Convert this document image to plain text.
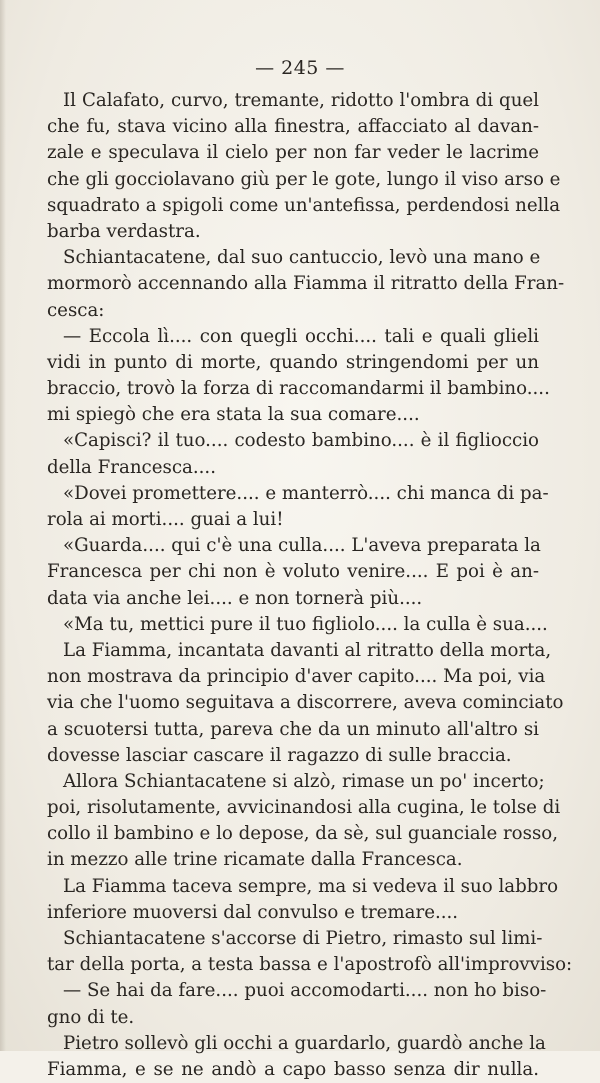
— 245 —
Il Calafato, curvo, tremante, ridotto l'ombra di quel
che fu, stava vicino alla finestra, affacciato al davan-
zale e speculava il cielo per non far veder le lacrime
che gli gocciolavano giù per le gote, lungo il viso arso e
squadrato a spigoli come un'antefissa, perdendosi nella
barba verdastra.
Schiantacatene, dal suo cantuccio, levò una mano e
mormorò accennando alla Fiamma il ritratto della Fran-
cesca:
— Eccola lì.... con quegli occhi.... tali e quali glieli
vidi in punto di morte, quando stringendomi per un
braccio, trovò la forza di raccomandarmi il bambino....
mi spiegò che era stata la sua comare....
«Capisci? il tuo.... codesto bambino.... è il figlioccio
della Francesca....
«Dovei promettere.... e manterrò.... chi manca di pa-
rola ai morti.... guai a lui!
«Guarda.... qui c'è una culla.... L'aveva preparata la
Francesca per chi non è voluto venire.... E poi è an-
data via anche lei.... e non tornerà più....
«Ma tu, mettici pure il tuo figliolo.... la culla è sua....
La Fiamma, incantata davanti al ritratto della morta,
non mostrava da principio d'aver capito.... Ma poi, via
via che l'uomo seguitava a discorrere, aveva cominciato
a scuotersi tutta, pareva che da un minuto all'altro si
dovesse lasciar cascare il ragazzo di sulle braccia.
Allora Schiantacatene si alzò, rimase un po' incerto;
poi, risolutamente, avvicinandosi alla cugina, le tolse di
collo il bambino e lo depose, da sè, sul guanciale rosso,
in mezzo alle trine ricamate dalla Francesca.
La Fiamma taceva sempre, ma si vedeva il suo labbro
inferiore muoversi dal convulso e tremare....
Schiantacatene s'accorse di Pietro, rimasto sul limi-
tar della porta, a testa bassa e l'apostrofò all'improvviso:
— Se hai da fare.... puoi accomodarti.... non ho biso-
gno di te.
Pietro sollevò gli occhi a guardarlo, guardò anche la
Fiamma, e se ne andò a capo basso senza dir nulla.
